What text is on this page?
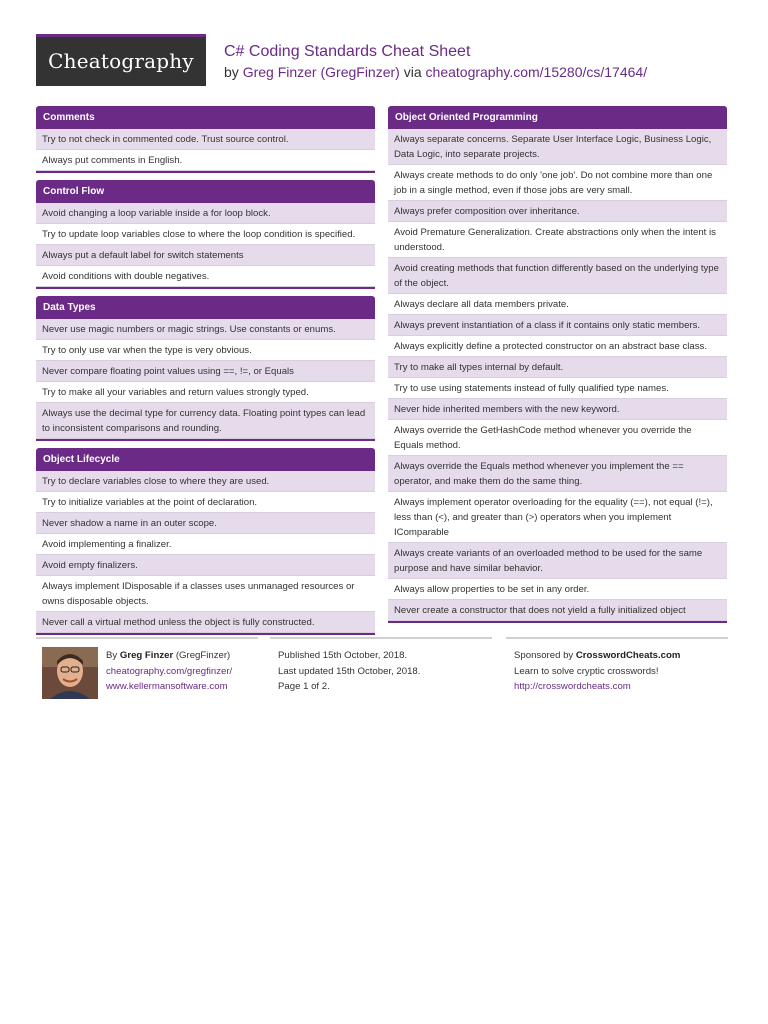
Cheatography	C# Coding Standards Cheat Sheet
by Greg Finzer (GregFinzer) via cheatography.com/15280/cs/17464/
Comments
Try to not check in commented code. Trust source control.
Always put comments in English.
Control Flow
Avoid changing a loop variable inside a for loop block.
Try to update loop variables close to where the loop condition is specified.
Always put a default label for switch statements
Avoid conditions with double negatives.
Data Types
Never use magic numbers or magic strings. Use constants or enums.
Try to only use var when the type is very obvious.
Never compare floating point values using ==, !=, or Equals
Try to make all your variables and return values strongly typed.
Always use the decimal type for currency data. Floating point types can lead to inconsistent comparisons and rounding.
Object Lifecycle
Try to declare variables close to where they are used.
Try to initialize variables at the point of declaration.
Never shadow a name in an outer scope.
Avoid implementing a finalizer.
Avoid empty finalizers.
Always implement IDisposable if a classes uses unmanaged resources or owns disposable objects.
Never call a virtual method unless the object is fully constructed.
Object Oriented Programming
Always separate concerns. Separate User Interface Logic, Business Logic, Data Logic, into separate projects.
Always create methods to do only 'one job'. Do not combine more than one job in a single method, even if those jobs are very small.
Always prefer composition over inheritance.
Avoid Premature Generalization. Create abstractions only when the intent is understood.
Avoid creating methods that function differently based on the underlying type of the object.
Always declare all data members private.
Always prevent instantiation of a class if it contains only static members.
Always explicitly define a protected constructor on an abstract base class.
Try to make all types internal by default.
Try to use using statements instead of fully qualified type names.
Never hide inherited members with the new keyword.
Always override the GetHashCode method whenever you override the Equals method.
Always override the Equals method whenever you implement the == operator, and make them do the same thing.
Always implement operator overloading for the equality (==), not equal (!=), less than (<), and greater than (>) operators when you implement IComparable
Always create variants of an overloaded method to be used for the same purpose and have similar behavior.
Always allow properties to be set in any order.
Never create a constructor that does not yield a fully initialized object
By Greg Finzer (GregFinzer)
cheatography.com/gregfinzer/
www.kellermansoftware.com
Published 15th October, 2018.
Last updated 15th October, 2018.
Page 1 of 2.
Sponsored by CrosswordCheats.com
Learn to solve cryptic crosswords!
http://crosswordcheats.com
